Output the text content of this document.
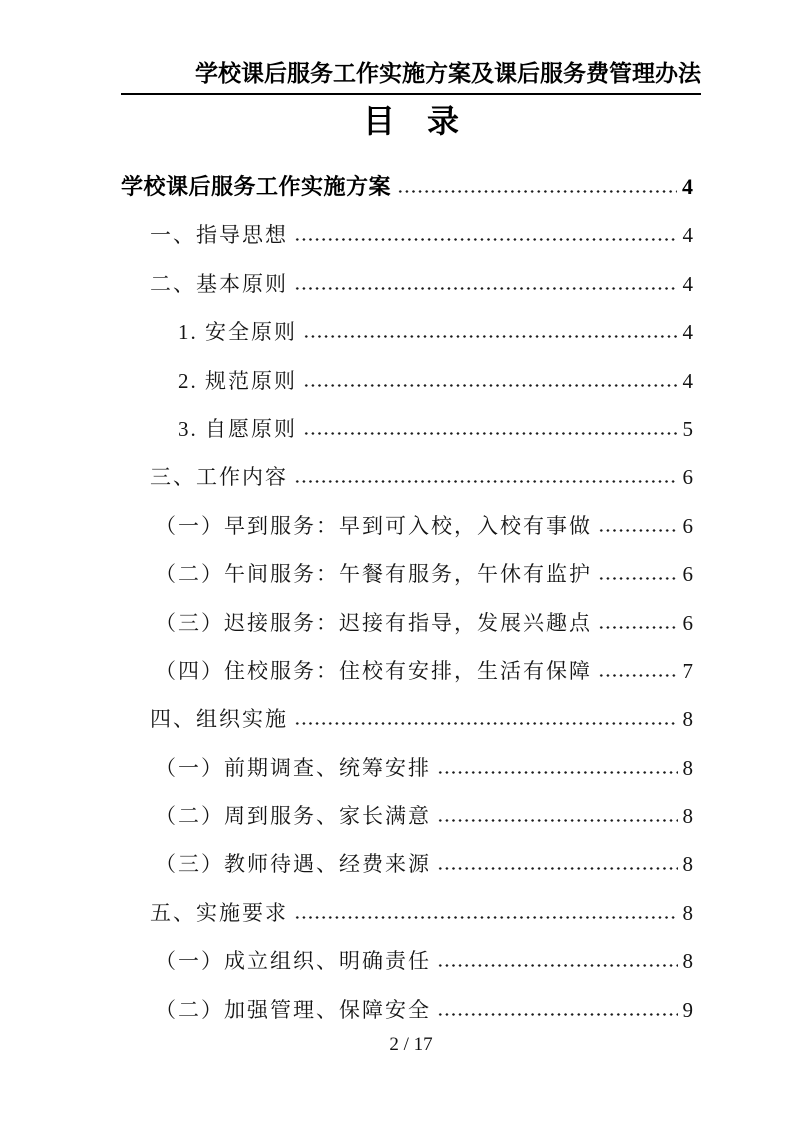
学校课后服务工作实施方案及课后服务费管理办法
目　录
学校课后服务工作实施方案	4
一、指导思想	4
二、基本原则	4
1. 安全原则	4
2. 规范原则	4
3. 自愿原则	5
三、工作内容	6
（一）早到服务：早到可入校，入校有事做	6
（二）午间服务：午餐有服务，午休有监护	6
（三）迟接服务：迟接有指导，发展兴趣点	6
（四）住校服务：住校有安排，生活有保障	7
四、组织实施	8
（一）前期调查、统筹安排	8
（二）周到服务、家长满意	8
（三）教师待遇、经费来源	8
五、实施要求	8
（一）成立组织、明确责任	8
（二）加强管理、保障安全	9
2 / 17
